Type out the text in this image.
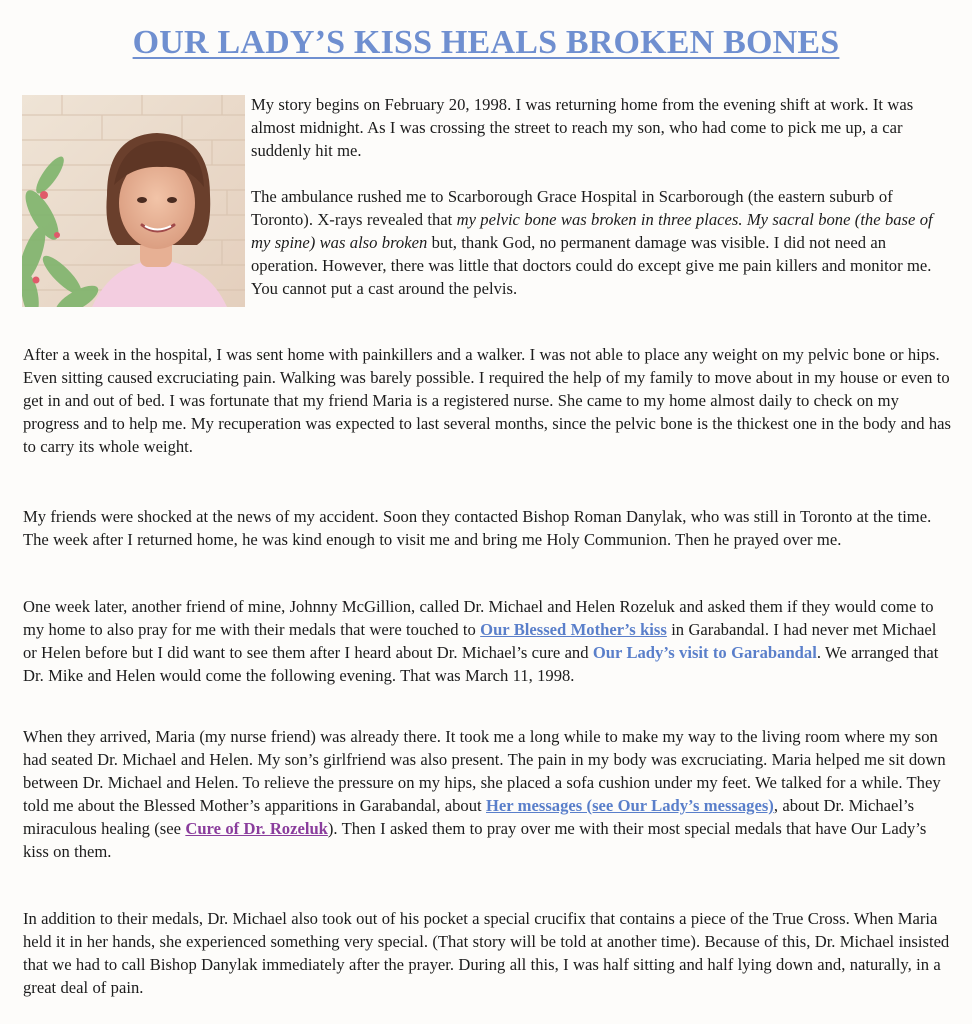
OUR LADY’S KISS HEALS BROKEN BONES

My story begins on February 20, 1998. I was returning home from the evening shift at work. It was almost midnight. As I was crossing the street to reach my son, who had come to pick me up, a car suddenly hit me.

The ambulance rushed me to Scarborough Grace Hospital in Scarborough (the eastern suburb of Toronto). X-rays revealed that my pelvic bone was broken in three places. My sacral bone (the base of my spine) was also broken but, thank God, no permanent damage was visible. I did not need an operation. However, there was little that doctors could do except give me pain killers and monitor me. You cannot put a cast around the pelvis.

After a week in the hospital, I was sent home with painkillers and a walker. I was not able to place any weight on my pelvic bone or hips. Even sitting caused excruciating pain. Walking was barely possible. I required the help of my family to move about in my house or even to get in and out of bed. I was fortunate that my friend Maria is a registered nurse. She came to my home almost daily to check on my progress and to help me. My recuperation was expected to last several months, since the pelvic bone is the thickest one in the body and has to carry its whole weight.

My friends were shocked at the news of my accident. Soon they contacted Bishop Roman Danylak, who was still in Toronto at the time. The week after I returned home, he was kind enough to visit me and bring me Holy Communion. Then he prayed over me.

One week later, another friend of mine, Johnny McGillion, called Dr. Michael and Helen Rozeluk and asked them if they would come to my home to also pray for me with their medals that were touched to Our Blessed Mother’s kiss in Garabandal. I had never met Michael or Helen before but I did want to see them after I heard about Dr. Michael’s cure and Our Lady’s visit to Garabandal. We arranged that Dr. Mike and Helen would come the following evening. That was March 11, 1998.

When they arrived, Maria (my nurse friend) was already there. It took me a long while to make my way to the living room where my son had seated Dr. Michael and Helen. My son’s girlfriend was also present. The pain in my body was excruciating. Maria helped me sit down between Dr. Michael and Helen. To relieve the pressure on my hips, she placed a sofa cushion under my feet. We talked for a while. They told me about the Blessed Mother’s apparitions in Garabandal, about Her messages (see Our Lady’s messages), about Dr. Michael’s miraculous healing (see Cure of Dr. Rozeluk). Then I asked them to pray over me with their most special medals that have Our Lady’s kiss on them.

In addition to their medals, Dr. Michael also took out of his pocket a special crucifix that contains a piece of the True Cross. When Maria held it in her hands, she experienced something very special. (That story will be told at another time). Because of this, Dr. Michael insisted that we had to call Bishop Danylak immediately after the prayer. During all this, I was half sitting and half lying down and, naturally, in a great deal of pain.
